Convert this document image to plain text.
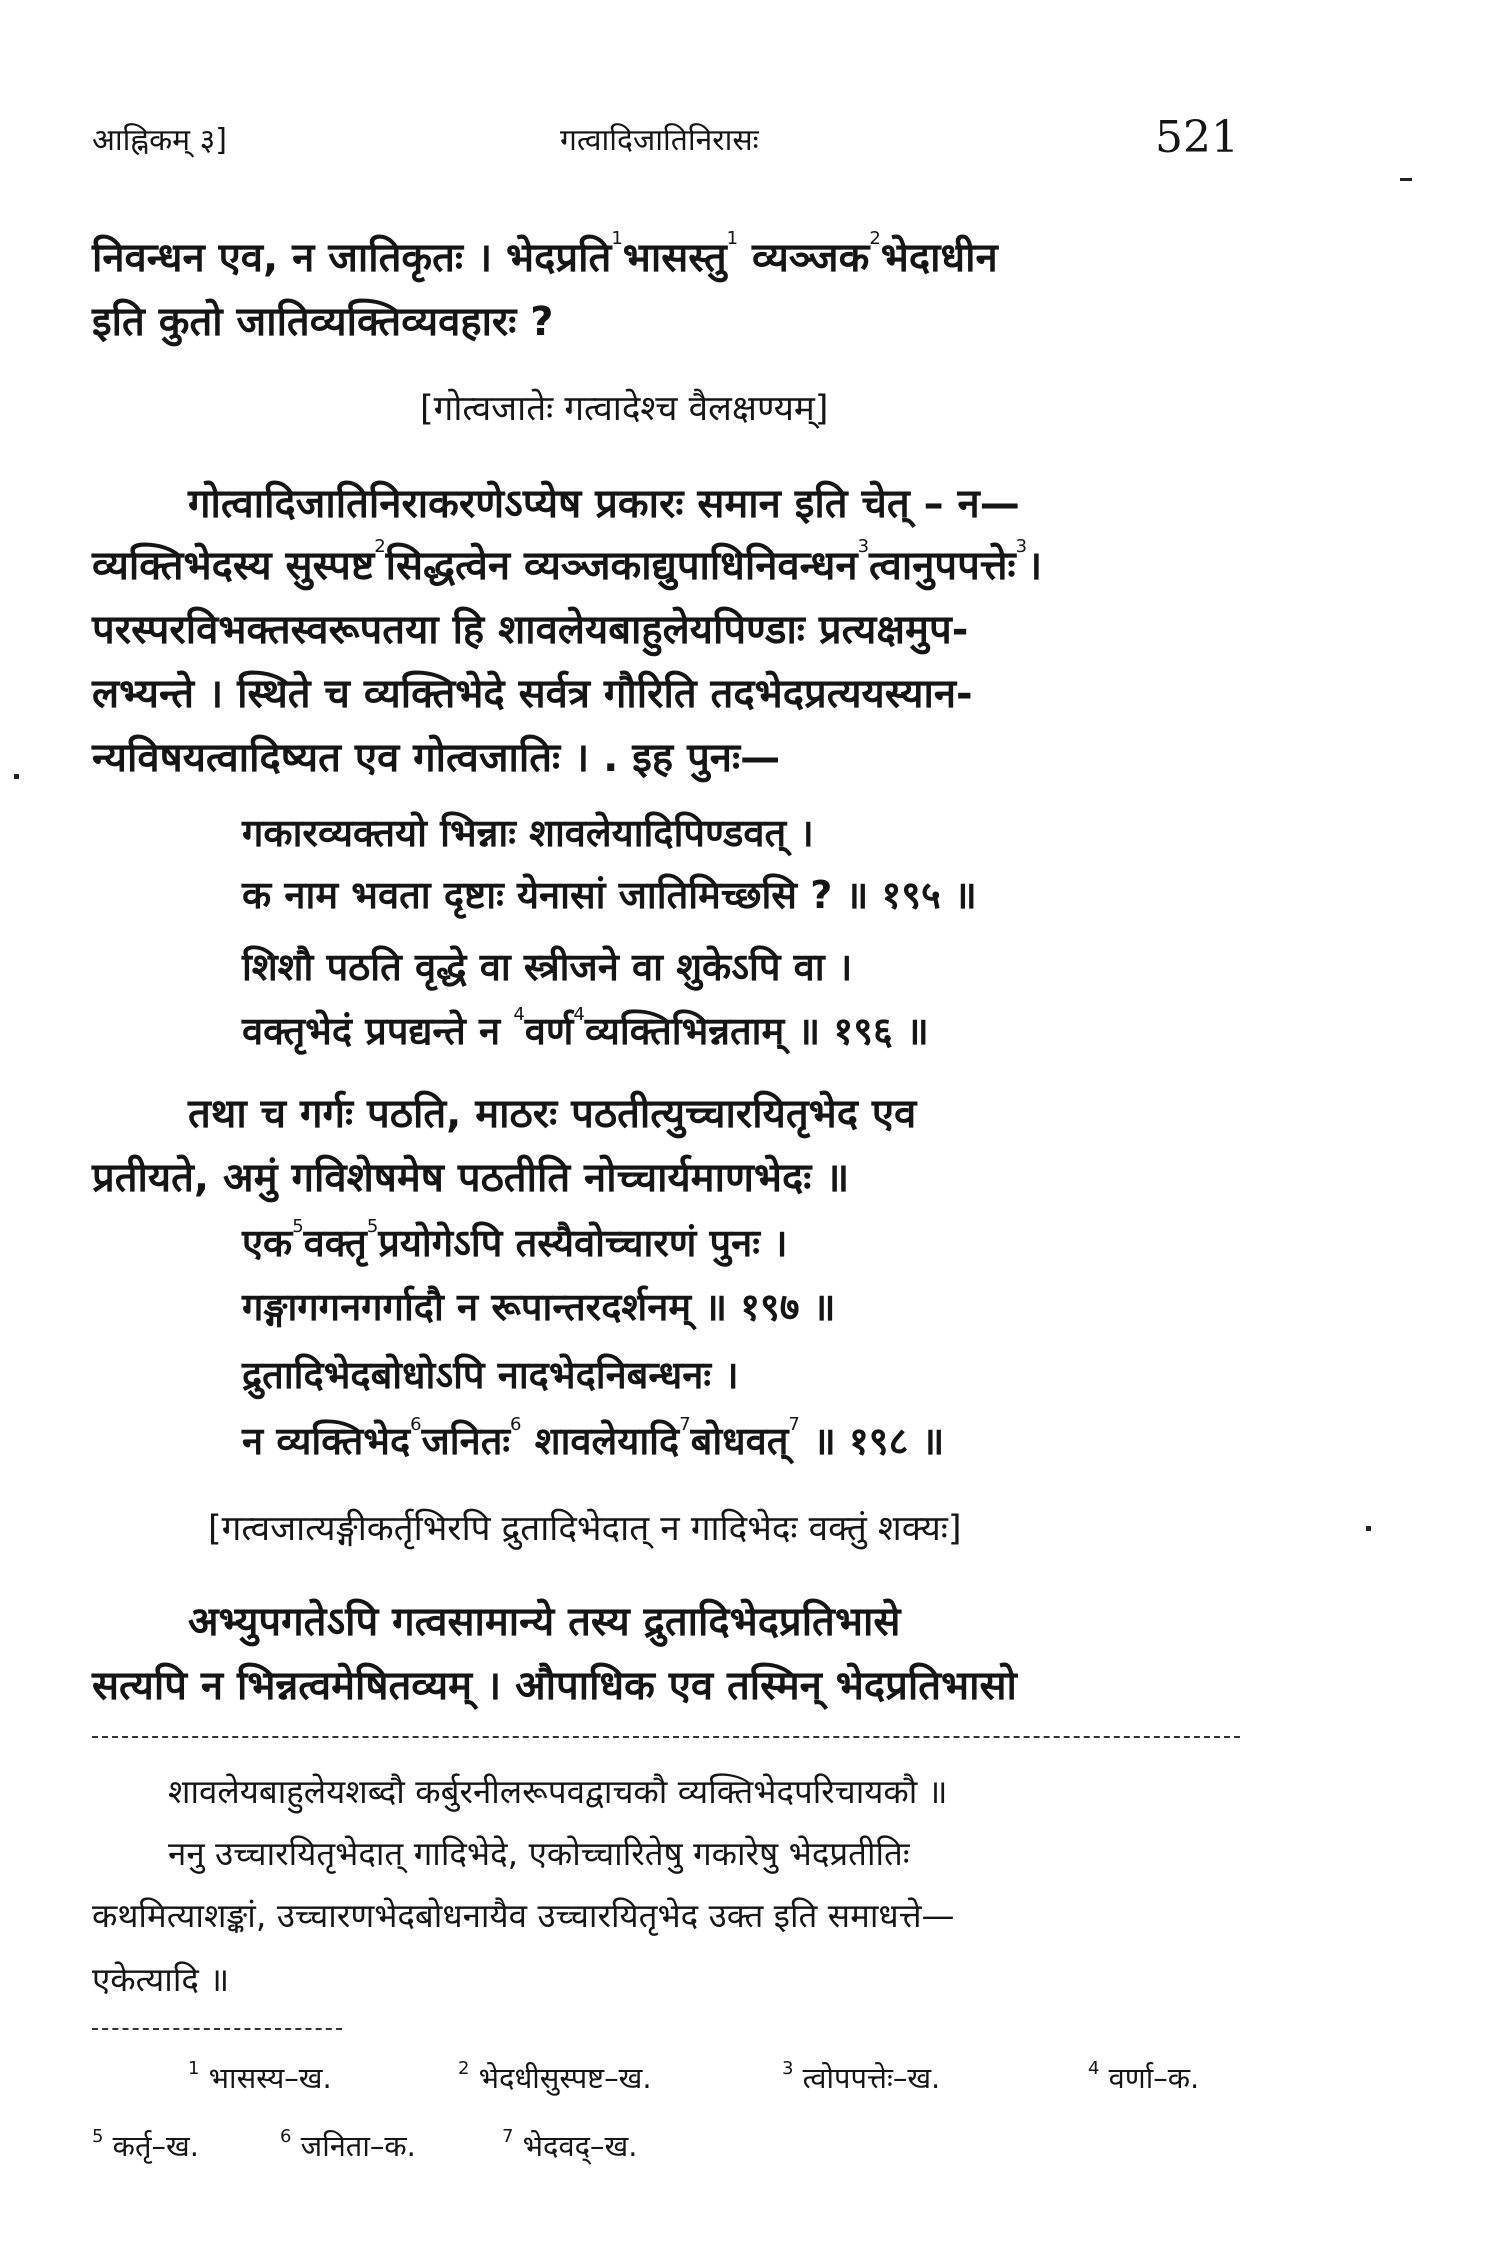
आह्निकम् ३]	गत्वादिजातिनिरासः	521
निवन्धन एव, न जातिकृतः । भेदप्रति$^1$भासस्तु$^1$ व्यञ्जक$^2$भेदाधीन
इति कुतो जातिव्यक्तिव्यवहारः ?
[गोत्वजातेः गत्वादेश्च वैलक्षण्यम्]
गोत्वादिजातिनिराकरणेऽप्येष प्रकारः समान इति चेत् – न—
व्यक्तिभेदस्य सुस्पष्ट$^2$सिद्धत्वेन व्यञ्जकाद्युपाधिनिवन्धन$^3$त्वानुपपत्तेः$^3$।
परस्परविभक्तस्वरूपतया हि शावलेयबाहुलेयपिण्डाः प्रत्यक्षमुप-
लभ्यन्ते । स्थिते च व्यक्तिभेदे सर्वत्र गौरिति तदभेदप्रत्ययस्यान-
न्यविषयत्वादिष्यत एव गोत्वजातिः । . इह पुनः—
गकारव्यक्तयो भिन्नाः शावलेयादिपिण्डवत् ।
क नाम भवता दृष्टाः येनासां जातिमिच्छसि ? ॥ १९५ ॥
शिशौ पठति वृद्धे वा स्त्रीजने वा शुकेऽपि वा ।
वक्तृभेदं प्रपद्यन्ते न $^4$वर्ण$^4$व्यक्तिभिन्नताम् ॥ १९६ ॥
तथा च गर्गः पठति, माठरः पठतीत्युच्चारयितृभेद एव
प्रतीयते, अमुं गविशेषमेष पठतीति नोच्चार्यमाणभेदः ॥
एक$^5$वक्तृ$^5$प्रयोगेऽपि तस्यैवोच्चारणं पुनः ।
गङ्गागगनगर्गादौ न रूपान्तरदर्शनम् ॥ १९७ ॥
द्रुतादिभेदबोधोऽपि नादभेदनिबन्धनः ।
न व्यक्तिभेद$^6$जनितः$^6$ शावलेयादि$^7$बोधवत्$^7$ ॥ १९८ ॥
[गत्वजात्यङ्गीकर्तृभिरपि द्रुतादिभेदात् न गादिभेदः वक्तुं शक्यः]
अभ्युपगतेऽपि गत्वसामान्ये तस्य द्रुतादिभेदप्रतिभासे
सत्यपि न भिन्नत्वमेषितव्यम् । औपाधिक एव तस्मिन् भेदप्रतिभासो
शावलेयबाहुलेयशब्दौ कर्बुरनीलरूपवद्वाचकौ व्यक्तिभेदपरिचायकौ ॥
ननु उच्चारयितृभेदात् गादिभेदे, एकोच्चारितेषु गकारेषु भेदप्रतीतिः
कथमित्याशङ्कां, उच्चारणभेदबोधनायैव उच्चारयितृभेद उक्त इति समाधत्ते—
एकेत्यादि ॥
$^1$ भासस्य–ख.	$^2$ भेदधीसुस्पष्ट–ख.	$^3$ त्वोपपत्तेः–ख.	$^4$ वर्णा–क.
$^5$ कर्तृ–ख.	$^6$ जनिता–क.	$^7$ भेदवद्–ख.
